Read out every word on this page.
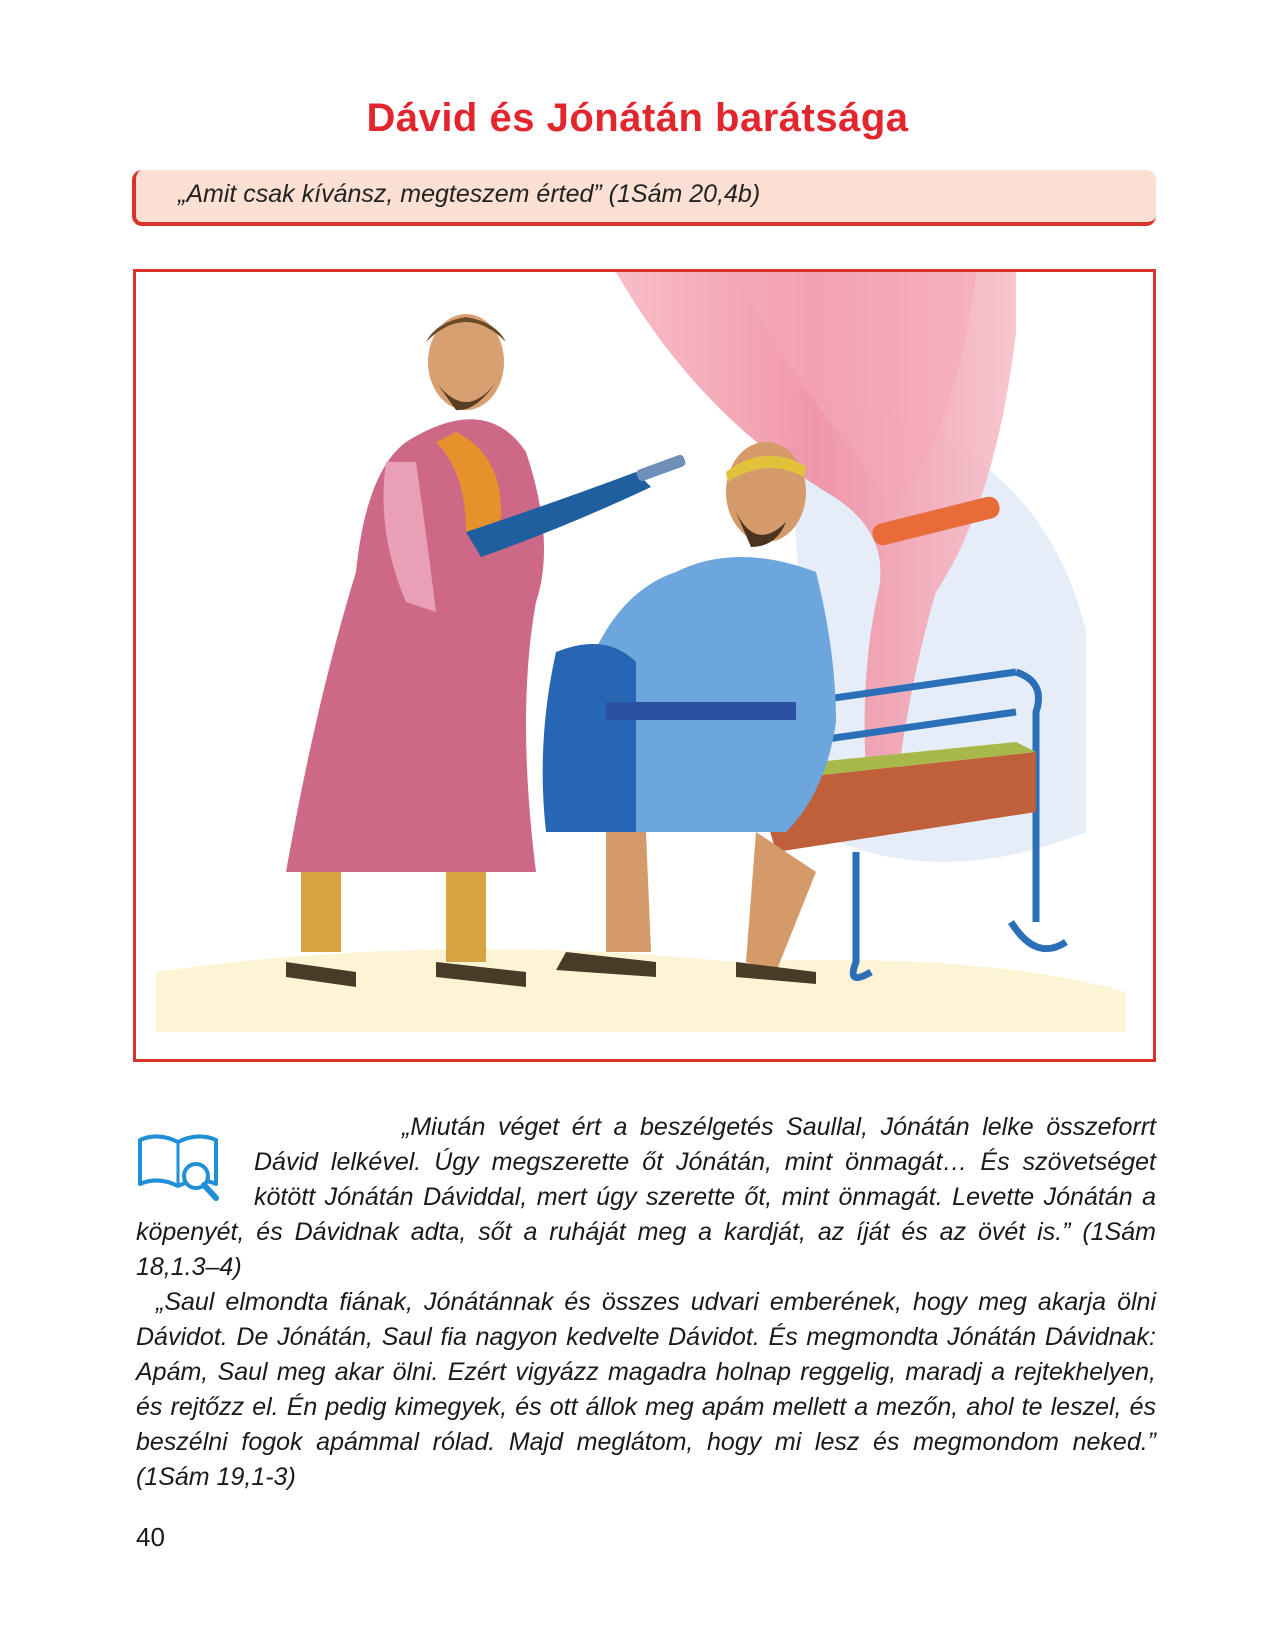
Dávid és Jónátán barátsága
„Amit csak kívánsz, megteszem érted” (1Sám 20,4b)

„Miután véget ért a beszélgetés Saullal, Jónátán lelke összeforrt Dávid lelkével. Úgy megszerette őt Jónátán, mint önmagát… És szövetséget kötött Jónátán Dáviddal, mert úgy szerette őt, mint önmagát. Levette Jónátán a köpenyét, és Dávidnak adta, sőt a ruháját meg a kardját, az íját és az övét is.” (1Sám 18,1.3–4)

„Saul elmondta fiának, Jónátánnak és összes udvari emberének, hogy meg akarja ölni Dávidot. De Jónátán, Saul fia nagyon kedvelte Dávidot. És megmondta Jónátán Dávidnak: Apám, Saul meg akar ölni. Ezért vigyázz magadra holnap reggelig, maradj a rejtekhelyen, és rejtőzz el. Én pedig kimegyek, és ott állok meg apám mellett a mezőn, ahol te leszel, és beszélni fogok apámmal rólad. Majd meglátom, hogy mi lesz és megmondom neked.” (1Sám 19,1-3)

40
